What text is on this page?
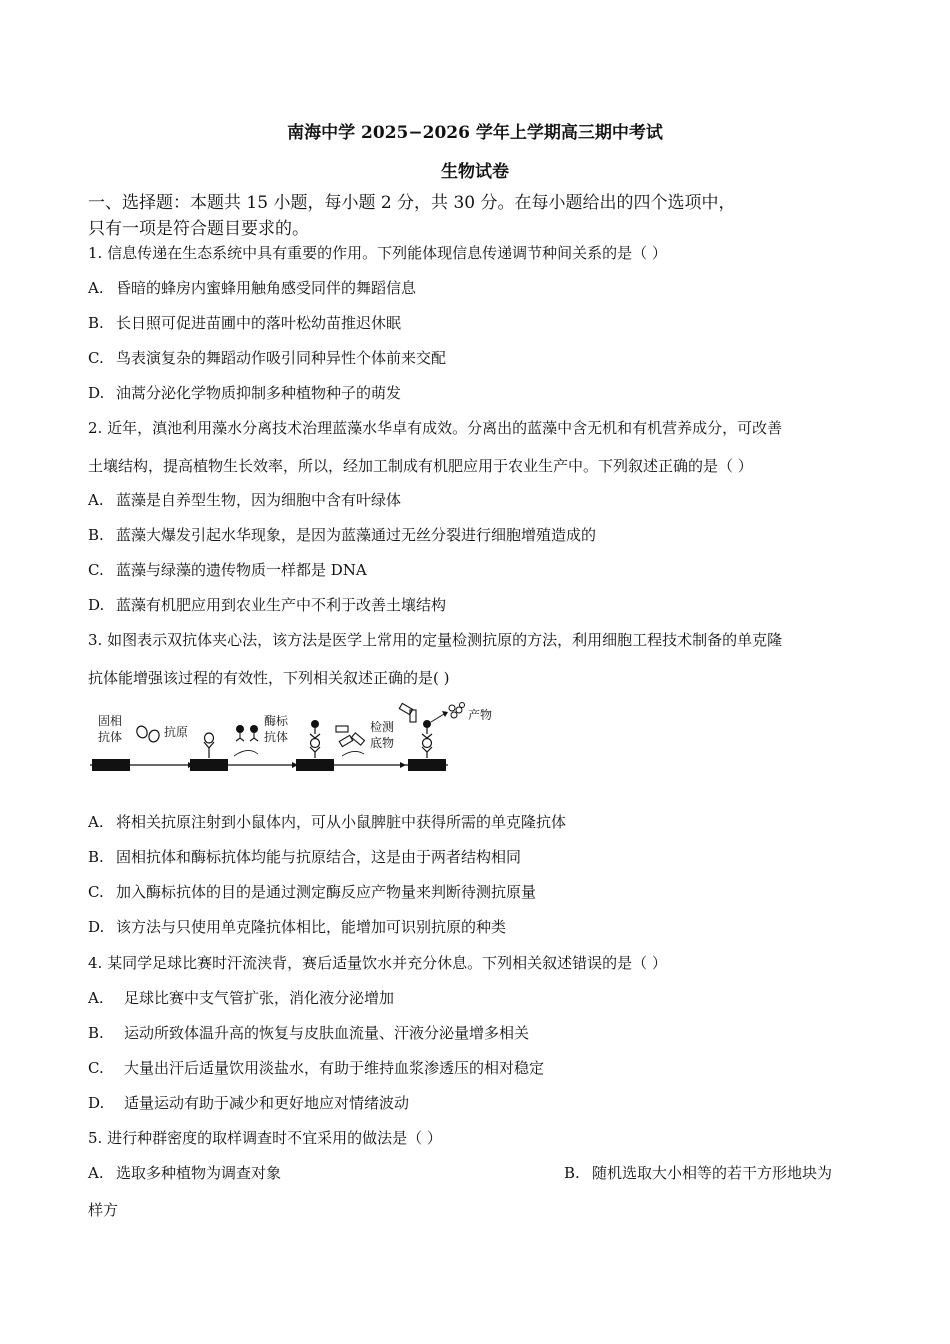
南海中学 2025−2026 学年上学期高三期中考试
生物试卷
一、选择题：本题共 15 小题，每小题 2 分，共 30 分。在每小题给出的四个选项中，
只有一项是符合题目要求的。
1. 信息传递在生态系统中具有重要的作用。下列能体现信息传递调节种间关系的是（ ）
A. 昏暗的蜂房内蜜蜂用触角感受同伴的舞蹈信息
B. 长日照可促进苗圃中的落叶松幼苗推迟休眠
C. 鸟表演复杂的舞蹈动作吸引同种异性个体前来交配
D. 油蒿分泌化学物质抑制多种植物种子的萌发
2. 近年，滇池利用藻水分离技术治理蓝藻水华卓有成效。分离出的蓝藻中含无机和有机营养成分，可改善
土壤结构，提高植物生长效率，所以，经加工制成有机肥应用于农业生产中。下列叙述正确的是（ ）
A. 蓝藻是自养型生物，因为细胞中含有叶绿体
B. 蓝藻大爆发引起水华现象，是因为蓝藻通过无丝分裂进行细胞增殖造成的
C. 蓝藻与绿藻的遗传物质一样都是 DNA
D. 蓝藻有机肥应用到农业生产中不利于改善土壤结构
3. 如图表示双抗体夹心法，该方法是医学上常用的定量检测抗原的方法，利用细胞工程技术制备的单克隆
抗体能增强该过程的有效性，下列相关叙述正确的是( )
固相
抗体	抗原
酶标
抗体
检测
底物
产物
A. 将相关抗原注射到小鼠体内，可从小鼠脾脏中获得所需的单克隆抗体
B. 固相抗体和酶标抗体均能与抗原结合，这是由于两者结构相同
C. 加入酶标抗体的目的是通过测定酶反应产物量来判断待测抗原量
D. 该方法与只使用单克隆抗体相比，能增加可识别抗原的种类
4. 某同学足球比赛时汗流浃背，赛后适量饮水并充分休息。下列相关叙述错误的是（ ）
A. 足球比赛中支气管扩张，消化液分泌增加
B. 运动所致体温升高的恢复与皮肤血流量、汗液分泌量增多相关
C. 大量出汗后适量饮用淡盐水，有助于维持血浆渗透压的相对稳定
D. 适量运动有助于减少和更好地应对情绪波动
5. 进行种群密度的取样调查时不宜采用的做法是（ ）
A. 选取多种植物为调查对象	B. 随机选取大小相等的若干方形地块为
样方
